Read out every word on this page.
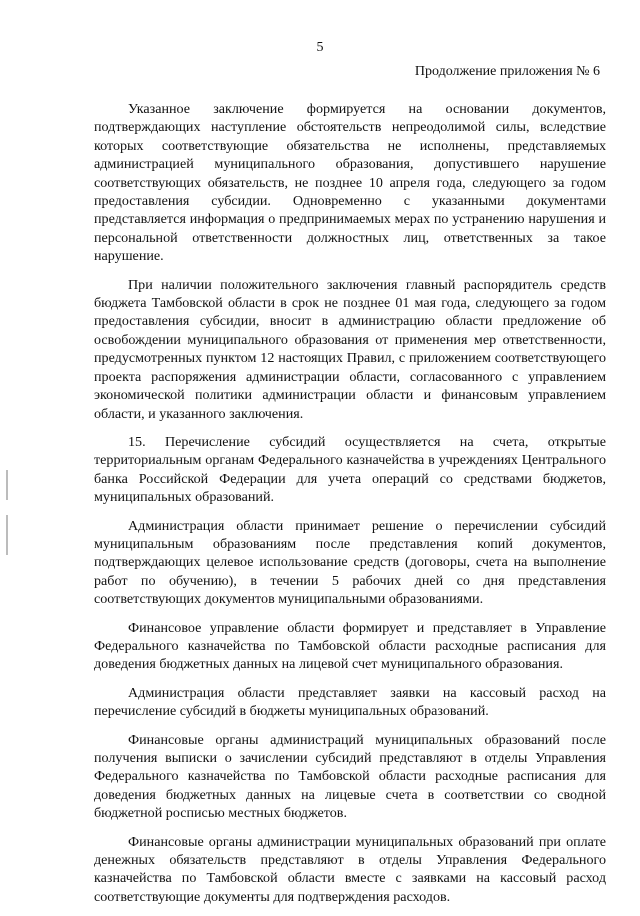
5
Продолжение приложения № 6

Указанное заключение формируется на основании документов, подтверждающих наступление обстоятельств непреодолимой силы, вследствие которых соответствующие обязательства не исполнены, представляемых администрацией муниципального образования, допустившего нарушение соответствующих обязательств, не позднее 10 апреля года, следующего за годом предоставления субсидии. Одновременно с указанными документами представляется информация о предпринимаемых мерах по устранению нарушения и персональной ответственности должностных лиц, ответственных за такое нарушение.

При наличии положительного заключения главный распорядитель средств бюджета Тамбовской области в срок не позднее 01 мая года, следующего за годом предоставления субсидии, вносит в администрацию области предложение об освобождении муниципального образования от применения мер ответственности, предусмотренных пунктом 12 настоящих Правил, с приложением соответствующего проекта распоряжения администрации области, согласованного с управлением экономической политики администрации области и финансовым управлением области, и указанного заключения.

15. Перечисление субсидий осуществляется на счета, открытые территориальным органам Федерального казначейства в учреждениях Центрального банка Российской Федерации для учета операций со средствами бюджетов, муниципальных образований.

Администрация области принимает решение о перечислении субсидий муниципальным образованиям после представления копий документов, подтверждающих целевое использование средств (договоры, счета на выполнение работ по обучению), в течении 5 рабочих дней со дня представления соответствующих документов муниципальными образованиями.

Финансовое управление области формирует и представляет в Управление Федерального казначейства по Тамбовской области расходные расписания для доведения бюджетных данных на лицевой счет муниципального образования.

Администрация области представляет заявки на кассовый расход на перечисление субсидий в бюджеты муниципальных образований.

Финансовые органы администраций муниципальных образований после получения выписки о зачислении субсидий представляют в отделы Управления Федерального казначейства по Тамбовской области расходные расписания для доведения бюджетных данных на лицевые счета в соответствии со сводной бюджетной росписью местных бюджетов.

Финансовые органы администрации муниципальных образований при оплате денежных обязательств представляют в отделы Управления Федерального казначейства по Тамбовской области вместе с заявками на кассовый расход соответствующие документы для подтверждения расходов.
